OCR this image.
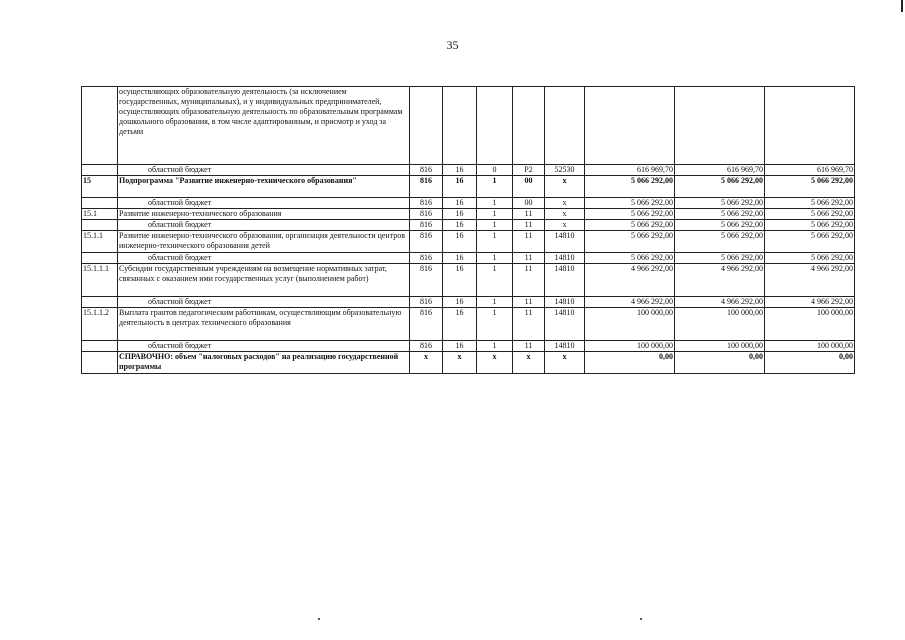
35
	осуществляющих образовательную деятельность (за исключением государственных, муниципальных), и у индивидуальных предпринимателей, осуществляющих образовательную деятельность по образовательным программам дошкольного образования, в том числе адаптированным, и присмотр и уход за детьми								
	областной бюджет	816	16	0	P2	52530	616 969,70	616 969,70	616 969,70
15	Подпрограмма "Развитие инженерно-технического образования"	816	16	1	00	x	5 066 292,00	5 066 292,00	5 066 292,00
	областной бюджет	816	16	1	00	x	5 066 292,00	5 066 292,00	5 066 292,00
15.1	Развитие инженерно-технического образования	816	16	1	11	x	5 066 292,00	5 066 292,00	5 066 292,00
	областной бюджет	816	16	1	11	x	5 066 292,00	5 066 292,00	5 066 292,00
15.1.1	Развитие инженерно-технического образования, организация деятельности центров инженерно-технического образования детей	816	16	1	11	14810	5 066 292,00	5 066 292,00	5 066 292,00
	областной бюджет	816	16	1	11	14810	5 066 292,00	5 066 292,00	5 066 292,00
15.1.1.1	Субсидии государственным учреждениям на возмещение нормативных затрат, связанных с оказанием ими государственных услуг (выполнением работ)	816	16	1	11	14810	4 966 292,00	4 966 292,00	4 966 292,00
	областной бюджет	816	16	1	11	14810	4 966 292,00	4 966 292,00	4 966 292,00
15.1.1.2	Выплата грантов педагогическим работникам, осуществляющим образовательную деятельность в центрах технического образования	816	16	1	11	14810	100 000,00	100 000,00	100 000,00
	областной бюджет	816	16	1	11	14810	100 000,00	100 000,00	100 000,00
	СПРАВОЧНО: объем "налоговых расходов" на реализацию государственной программы	x	x	x	x	x	0,00	0,00	0,00
